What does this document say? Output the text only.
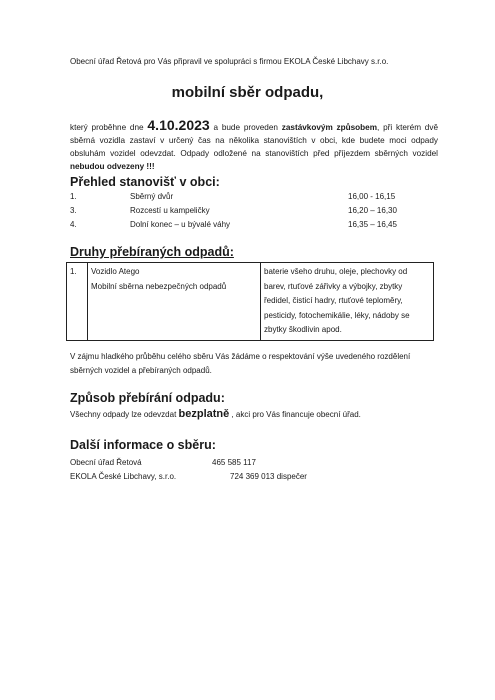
Obecní úřad Řetová pro Vás připravil ve spolupráci s firmou EKOLA České Libchavy s.r.o.
mobilní sběr odpadu,
který proběhne dne 4.10.2023 a bude proveden zastávkovým způsobem, při kterém dvě sběrná vozidla zastaví v určený čas na několika stanovištích v obci, kde budete moci odpady obsluhám vozidel odevzdat. Odpady odložené na stanovištích před příjezdem sběrných vozidel nebudou odvezeny !!!
Přehled stanovišť v obci:
1.	Sběrný dvůr	16,00 - 16,15
3.	Rozcestí u kampeličky	16,20 – 16,30
4.	Dolní konec – u bývalé váhy	16,35 – 16,45
Druhy přebíraných odpadů:
1.	Vozidlo Atego
Mobilní sběrna nebezpečných odpadů
	baterie všeho druhu, oleje, plechovky od barev, rtuťové zářivky a výbojky, zbytky ředidel, čisticí hadry, rtuťové teploměry, pesticidy, fotochemikálie, léky, nádoby se zbytky škodlivin apod.
V zájmu hladkého průběhu celého sběru Vás žádáme o respektování výše uvedeného rozdělení sběrných vozidel a přebíraných odpadů.
Způsob přebírání odpadu:
Všechny odpady lze odevzdat bezplatně , akci pro Vás financuje obecní úřad.
Další informace o sběru:
Obecní úřad Řetová	465 585 117
EKOLA České Libchavy, s.r.o.	724 369 013 dispečer
